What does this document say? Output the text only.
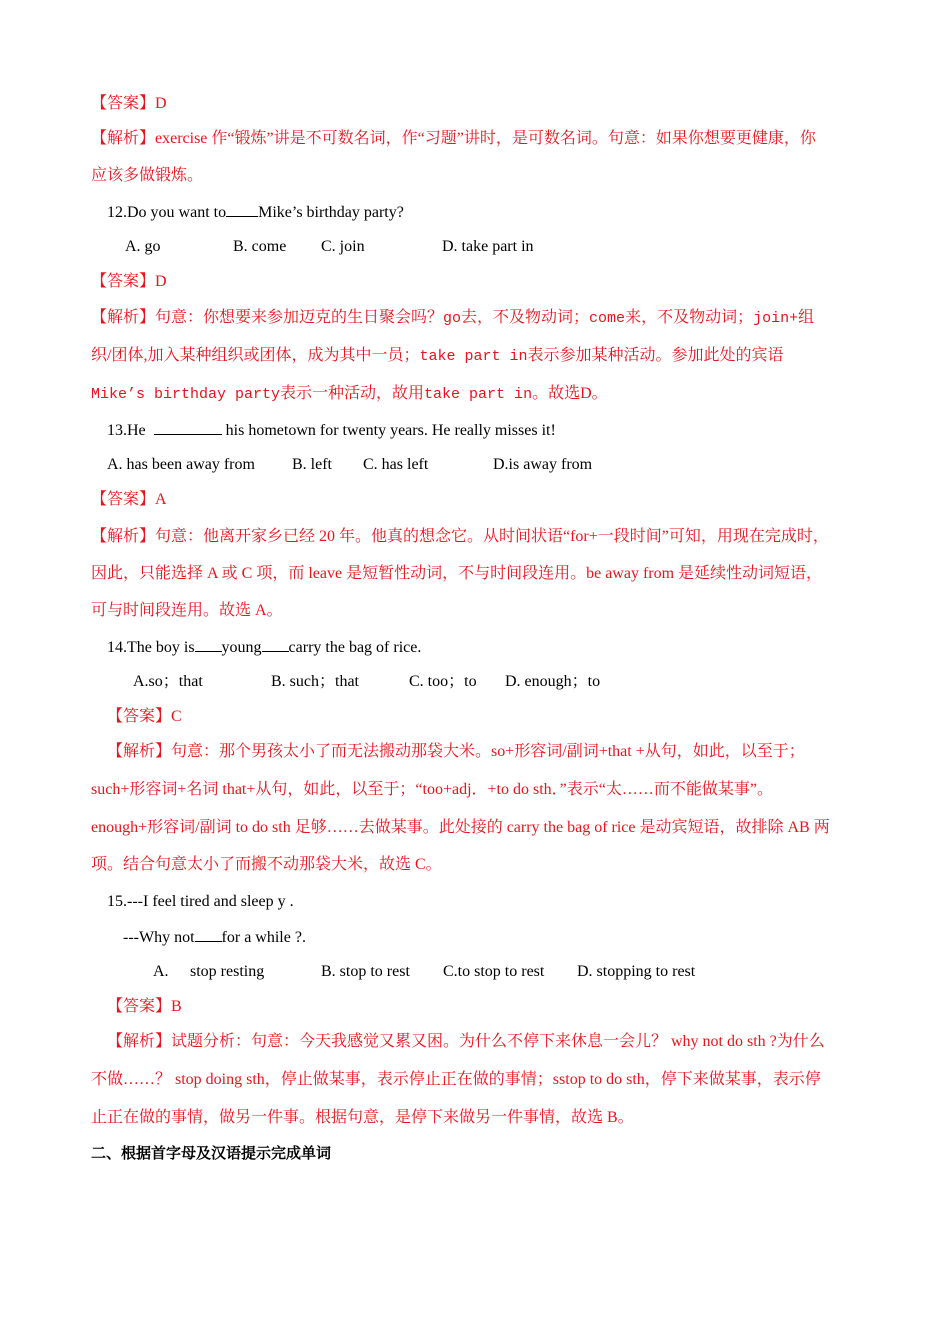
【答案】D
【解析】exercise 作“锻炼”讲是不可数名词，作“习题”讲时，是可数名词。句意：如果你想要更健康，你
应该多做锻炼。
12.Do you want to Mike’s birthday party?
A. go	B. come C. join	D. take part in
【答案】D
【解析】句意：你想要来参加迈克的生日聚会吗？go去，不及物动词；come来，不及物动词；join+组
织/团体,加入某种组织或团体，成为其中一员；take part in表示参加某种活动。参加此处的宾语
Mike’s birthday party表示一种活动，故用take part in。故选D。
13.He	his hometown for twenty years. He really misses it!
A. has been away from B. left C. has left	D.is away from
【答案】A
【解析】句意：他离开家乡已经 20 年。他真的想念它。从时间状语“for+一段时间”可知，用现在完成时，
因此，只能选择 A 或 C 项，而 leave 是短暂性动词，不与时间段连用。be away from 是延续性动词短语，
可与时间段连用。故选 A。
14.The boy is young carry the bag of rice.
A.so；that	B. such；that	C. too；to D. enough；to
【答案】C
【解析】句意：那个男孩太小了而无法搬动那袋大米。so+形容词/副词+that +从句，如此，以至于；
such+形容词+名词 that+从句，如此，以至于；“too+adj．+to do sth．”表示“太……而不能做某事”。
enough+形容词/副词 to do sth 足够……去做某事。此处接的 carry the bag of rice 是动宾短语，故排除 AB 两
项。结合句意太小了而搬不动那袋大米，故选 C。
15.---I feel tired and sleep y .
---Why not for a while ?.
A. stop resting	B. stop to rest C.to stop to rest D. stopping to rest
【答案】B
【解析】试题分析：句意：今天我感觉又累又困。为什么不停下来休息一会儿？ why not do sth ?为什么
不做……？ stop doing sth，停止做某事，表示停止正在做的事情；sstop to do sth，停下来做某事，表示停
止正在做的事情，做另一件事。根据句意，是停下来做另一件事情，故选 B。
二、根据首字母及汉语提示完成单词
